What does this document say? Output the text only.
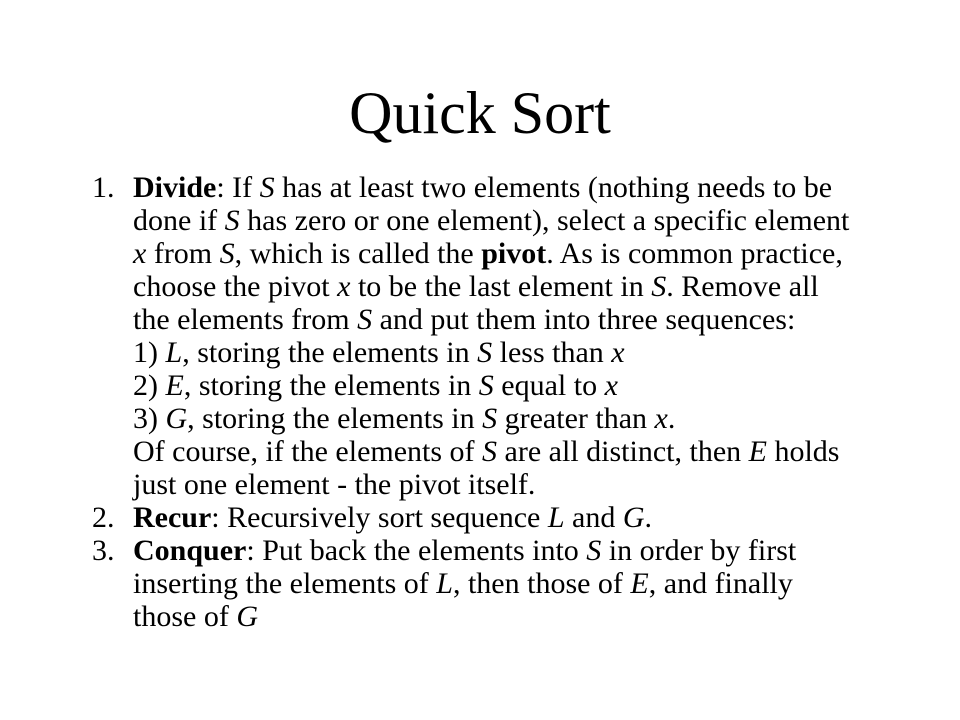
Quick Sort
1. Divide: If S has at least two elements (nothing needs to be
done if S has zero or one element), select a specific element
x from S, which is called the pivot. As is common practice,
choose the pivot x to be the last element in S. Remove all
the elements from S and put them into three sequences:
1) L, storing the elements in S less than x
2) E, storing the elements in S equal to x
3) G, storing the elements in S greater than x.
Of course, if the elements of S are all distinct, then E holds
just one element - the pivot itself.
2. Recur: Recursively sort sequence L and G.
3. Conquer: Put back the elements into S in order by first
inserting the elements of L, then those of E, and finally
those of G
